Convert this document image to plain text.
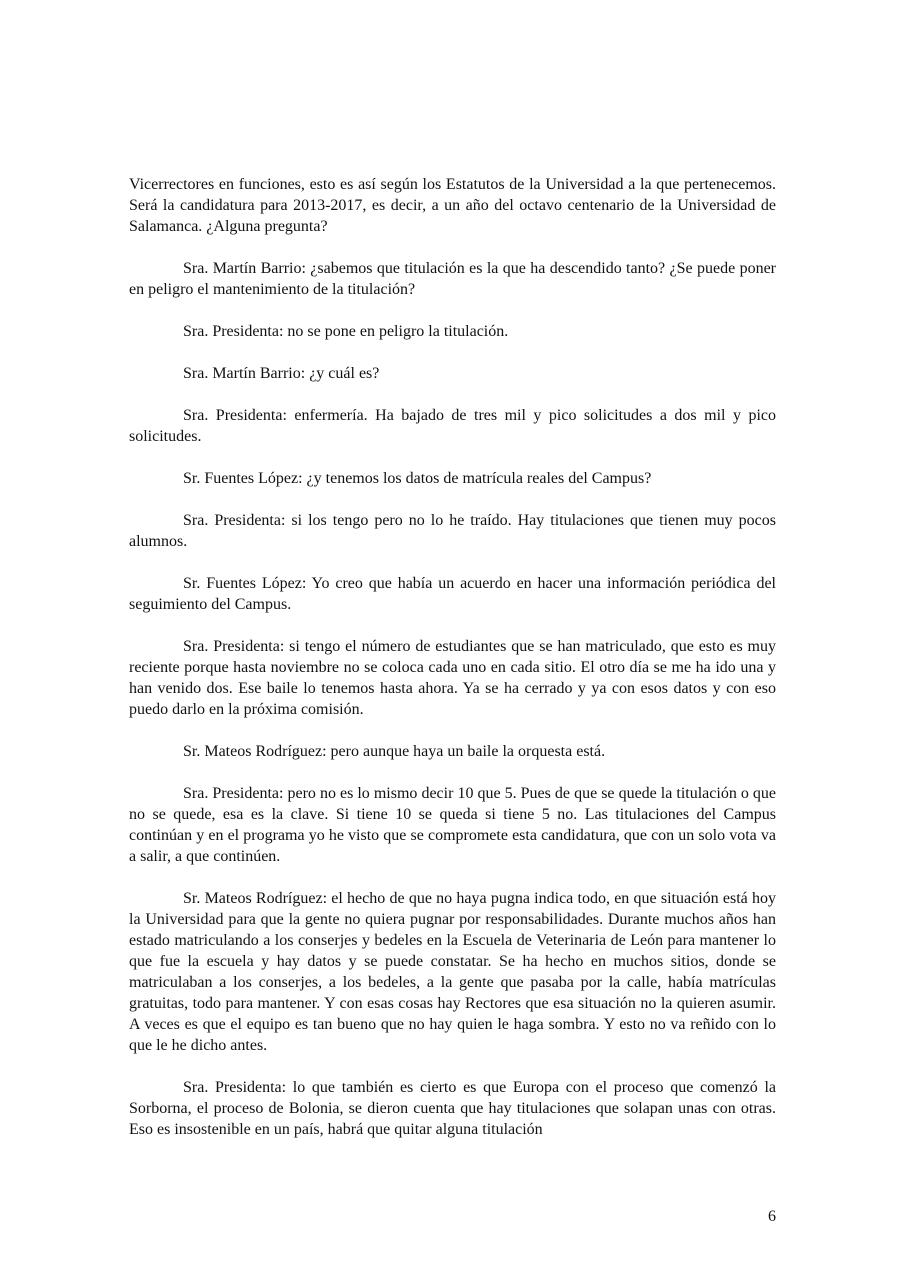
Vicerrectores en funciones, esto es así según los Estatutos de la Universidad a la que pertenecemos. Será la candidatura para 2013-2017, es decir, a un año del octavo centenario de la Universidad de Salamanca. ¿Alguna pregunta?

Sra. Martín Barrio: ¿sabemos que titulación es la que ha descendido tanto? ¿Se puede poner en peligro el mantenimiento de la titulación?

Sra. Presidenta: no se pone en peligro la titulación.

Sra. Martín Barrio: ¿y cuál es?

Sra. Presidenta: enfermería. Ha bajado de tres mil y pico solicitudes a dos mil y pico solicitudes.

Sr. Fuentes López: ¿y tenemos los datos de matrícula reales del Campus?

Sra. Presidenta: si los tengo pero no lo he traído. Hay titulaciones que tienen muy pocos alumnos.

Sr. Fuentes López: Yo creo que había un acuerdo en hacer una información periódica del seguimiento del Campus.

Sra. Presidenta: si tengo el número de estudiantes que se han matriculado, que esto es muy reciente porque hasta noviembre no se coloca cada uno en cada sitio. El otro día se me ha ido una y han venido dos. Ese baile lo tenemos hasta ahora. Ya se ha cerrado y ya con esos datos y con eso puedo darlo en la próxima comisión.

Sr. Mateos Rodríguez: pero aunque haya un baile la orquesta está.

Sra. Presidenta: pero no es lo mismo decir 10 que 5. Pues de que se quede la titulación o que no se quede, esa es la clave. Si tiene 10 se queda si tiene 5 no. Las titulaciones del Campus continúan y en el programa yo he visto que se compromete esta candidatura, que con un solo vota va a salir, a que continúen.

Sr. Mateos Rodríguez: el hecho de que no haya pugna indica todo, en que situación está hoy la Universidad para que la gente no quiera pugnar por responsabilidades. Durante muchos años han estado matriculando a los conserjes y bedeles en la Escuela de Veterinaria de León para mantener lo que fue la escuela y hay datos y se puede constatar. Se ha hecho en muchos sitios, donde se matriculaban a los conserjes, a los bedeles, a la gente que pasaba por la calle, había matrículas gratuitas, todo para mantener. Y con esas cosas hay Rectores que esa situación no la quieren asumir. A veces es que el equipo es tan bueno que no hay quien le haga sombra. Y esto no va reñido con lo que le he dicho antes.

Sra. Presidenta: lo que también es cierto es que Europa con el proceso que comenzó la Sorborna, el proceso de Bolonia, se dieron cuenta que hay titulaciones que solapan unas con otras. Eso es insostenible en un país, habrá que quitar alguna titulación

6
